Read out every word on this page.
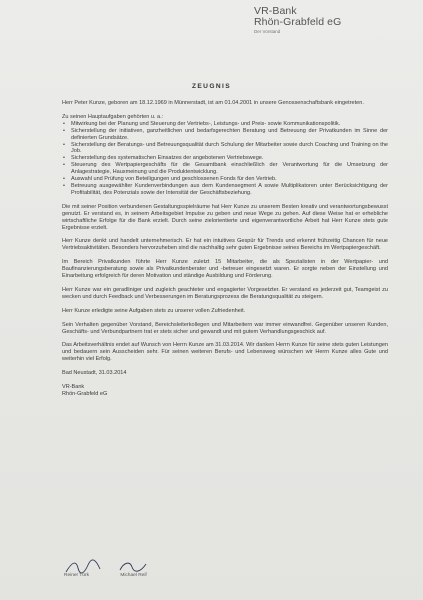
VR-Bank
Rhön-Grabfeld eG
Der Vorstand
ZEUGNIS

Herr Peter Kunze, geboren am 18.12.1969 in Münnerstadt, ist am 01.04.2001 in unsere Genossenschaftsbank eingetreten.

Zu seinen Hauptaufgaben gehörten u. a.:
• Mitwirkung bei der Planung und Steuerung der Vertriebs-, Leistungs- und Preis- sowie Kommunikationspolitik.
• Sicherstellung der initiativen, ganzheitlichen und bedarfsgerechten Beratung und Betreuung der Privatkunden im Sinne der definierten Grundsätze.
• Sicherstellung der Beratungs- und Betreuungsqualität durch Schulung der Mitarbeiter sowie durch Coaching und Training on the Job.
• Sicherstellung des systematischen Einsatzes der angebotenen Vertriebswege.
• Steuerung des Wertpapiergeschäfts für die Gesamtbank einschließlich der Verantwortung für die Umsetzung der Anlagestrategie, Hausmeinung und die Produktentwicklung.
• Auswahl und Prüfung von Beteiligungen und geschlossenen Fonds für den Vertrieb.
• Betreuung ausgewählter Kundenverbindungen aus dem Kundensegment A sowie Multiplikatoren unter Berücksichtigung der Profitabilität, des Potenzials sowie der Intensität der Geschäftsbeziehung.

Die mit seiner Position verbundenen Gestaltungsspielräume hat Herr Kunze zu unserem Besten kreativ und verantwortungsbewusst genutzt. Er verstand es, in seinem Arbeitsgebiet Impulse zu geben und neue Wege zu gehen. Auf diese Weise hat er erhebliche wirtschaftliche Erfolge für die Bank erzielt. Durch seine zielorientierte und eigenverantwortliche Arbeit hat Herr Kunze stets gute Ergebnisse erzielt.

Herr Kunze denkt und handelt unternehmerisch. Er hat ein intuitives Gespür für Trends und erkennt frühzeitig Chancen für neue Vertriebsaktivitäten. Besonders hervorzuheben sind die nachhaltig sehr guten Ergebnisse seines Bereichs im Wertpapiergeschäft.

Im Bereich Privatkunden führte Herr Kunze zuletzt 15 Mitarbeiter, die als Spezialisten in der Wertpapier- und Baufinanzierungsberatung sowie als Privatkundenberater und -betreuer eingesetzt waren. Er sorgte neben der Einstellung und Einarbeitung erfolgreich für deren Motivation und ständige Ausbildung und Förderung.

Herr Kunze war ein geradliniger und zugleich geachteter und engagierter Vorgesetzter. Er verstand es jederzeit gut, Teamgeist zu wecken und durch Feedback und Verbesserungen im Beratungsprozess die Beratungsqualität zu steigern.

Herr Kunze erledigte seine Aufgaben stets zu unserer vollen Zufriedenheit.

Sein Verhalten gegenüber Vorstand, Bereichsleiterkollegen und Mitarbeitern war immer einwandfrei. Gegenüber unseren Kunden, Geschäfts- und Verbundpartnern trat er stets sicher und gewandt und mit gutem Verhandlungsgeschick auf.

Das Arbeitsverhältnis endet auf Wunsch von Herrn Kunze am 31.03.2014. Wir danken Herrn Kunze für seine stets guten Leistungen und bedauern sein Ausscheiden sehr. Für seinen weiteren Berufs- und Lebensweg wünschen wir Herrn Kunze alles Gute und weiterhin viel Erfolg.

Bad Neustadt, 31.03.2014

VR-Bank
Rhön-Grabfeld eG
Reiner Türk	Michael Reif
